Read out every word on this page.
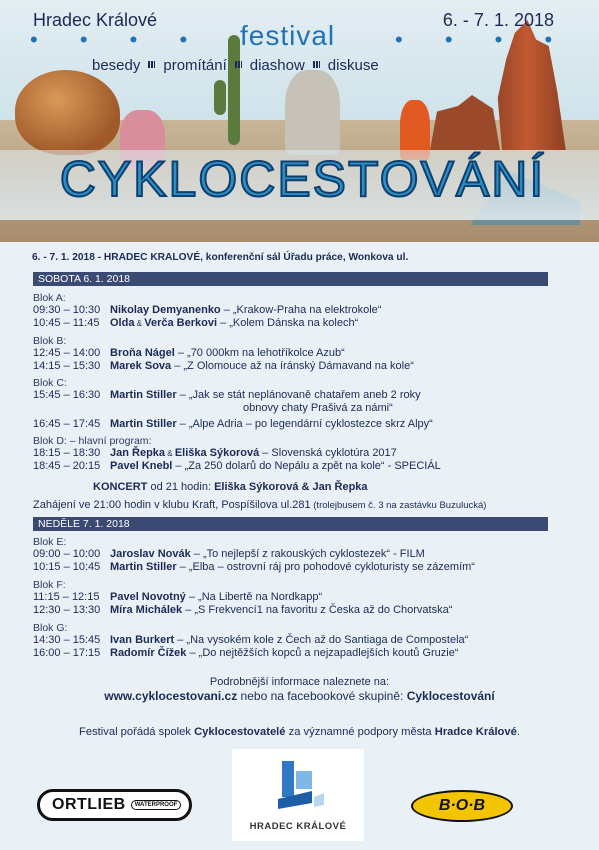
Hradec Králové	6. - 7. 1. 2018
• • • •	• • • •
festival
besedy promítání diashow diskuse
CYKLOCESTOVÁNÍ
6. - 7. 1. 2018 - HRADEC KRALOVÉ, konferenční sál Úřadu práce, Wonkova ul.
SOBOTA 6. 1. 2018
Blok A:
09:30 – 10:30 Nikolay Demyanenko – „Krakow-Praha na elektrokole“
10:45 – 11:45 Olda & Verča Berkovi – „Kolem Dánska na kolech“
Blok B:
12:45 – 14:00 Broňa Nágel – „70 000km na lehotříkolce Azub“
14:15 – 15:30 Marek Sova – „Z Olomouce až na íránský Dámavand na kole“
Blok C:
15:45 – 16:30 Martin Stiller – „Jak se stát neplánovaně chatařem aneb 2 roky
obnovy chaty Prašivá za námi“
16:45 – 17:45 Martin Stiller – „Alpe Adria – po legendární cyklostezce skrz Alpy“
Blok D: – hlavní program:
18:15 – 18:30 Jan Řepka & Eliška Sýkorová – Slovenská cyklotúra 2017
18:45 – 20:15 Pavel Knebl – „Za 250 dolarů do Nepálu a zpět na kole“ - SPECIÁL
KONCERT od 21 hodin: Eliška Sýkorová & Jan Řepka
Zahájení ve 21:00 hodin v klubu Kraft, Pospíšilova ul.281 (trolejbusem č. 3 na zastávku Buzulucká)
NEDĚLE 7. 1. 2018
Blok E:
09:00 – 10:00 Jaroslav Novák – „To nejlepší z rakouských cyklostezek“ - FILM
10:15 – 10:45 Martin Stiller – „Elba – ostrovní ráj pro pohodové cykloturisty se zázemím“
Blok F:
11:15 – 12:15 Pavel Novotný – „Na Libertě na Nordkapp“
12:30 – 13:30 Míra Michálek – „S Frekvencí1 na favoritu z Česka až do Chorvatska“
Blok G:
14:30 – 15:45 Ivan Burkert – „Na vysokém kole z Čech až do Santiaga de Compostela“
16:00 – 17:15 Radomír Čížek – „Do nejtěžších kopců a nejzapadlejších koutů Gruzie“
Podrobnější informace naleznete na:
www.cyklocestovani.cz nebo na facebookové skupině: Cyklocestování
Festival pořádá spolek Cyklocestovatelé za významné podpory města Hradce Králové.
ORTLIEB	WATERPROOF
HRADEC KRÁLOVÉ
B·O·B
